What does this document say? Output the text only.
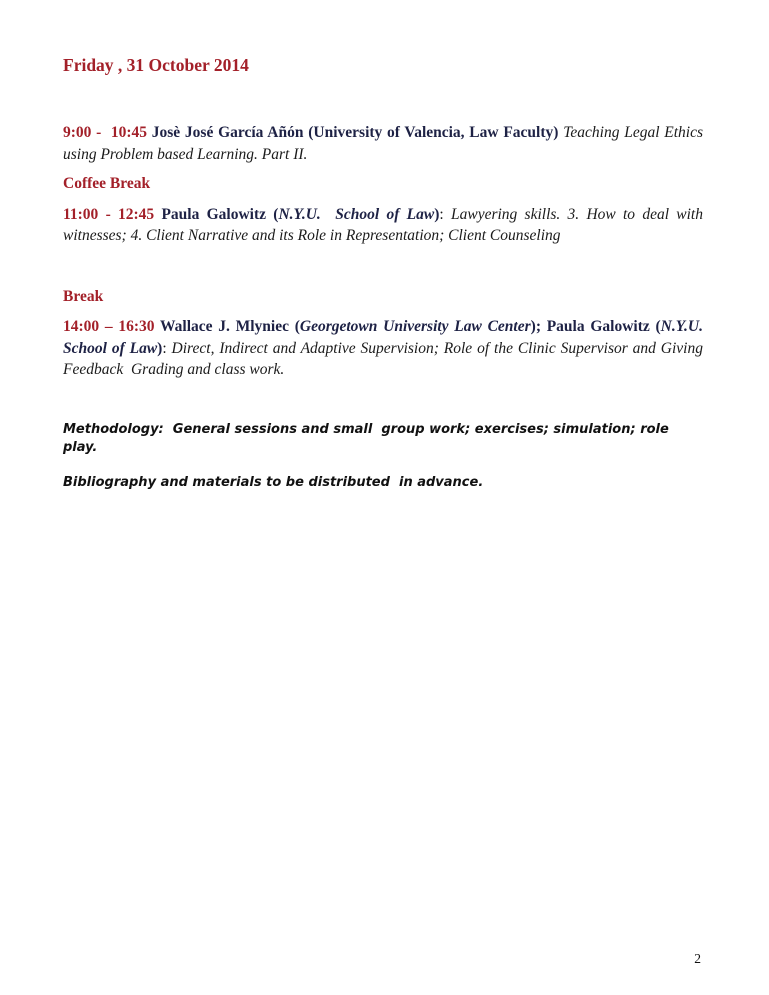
Friday , 31 October 2014

9:00 -  10:45 Josè José García Añón (University of Valencia, Law Faculty) Teaching Legal Ethics using Problem based Learning. Part II.

Coffee Break

11:00 - 12:45 Paula Galowitz (N.Y.U.  School of Law): Lawyering skills. 3. How to deal with witnesses; 4. Client Narrative and its Role in Representation; Client Counseling

Break

14:00 – 16:30 Wallace J. Mlyniec (Georgetown University Law Center); Paula Galowitz (N.Y.U. School of Law): Direct, Indirect and Adaptive Supervision; Role of the Clinic Supervisor and Giving Feedback  Grading and class work.

Methodology:  General sessions and small  group work; exercises; simulation; role play.

Bibliography and materials to be distributed  in advance.

2
